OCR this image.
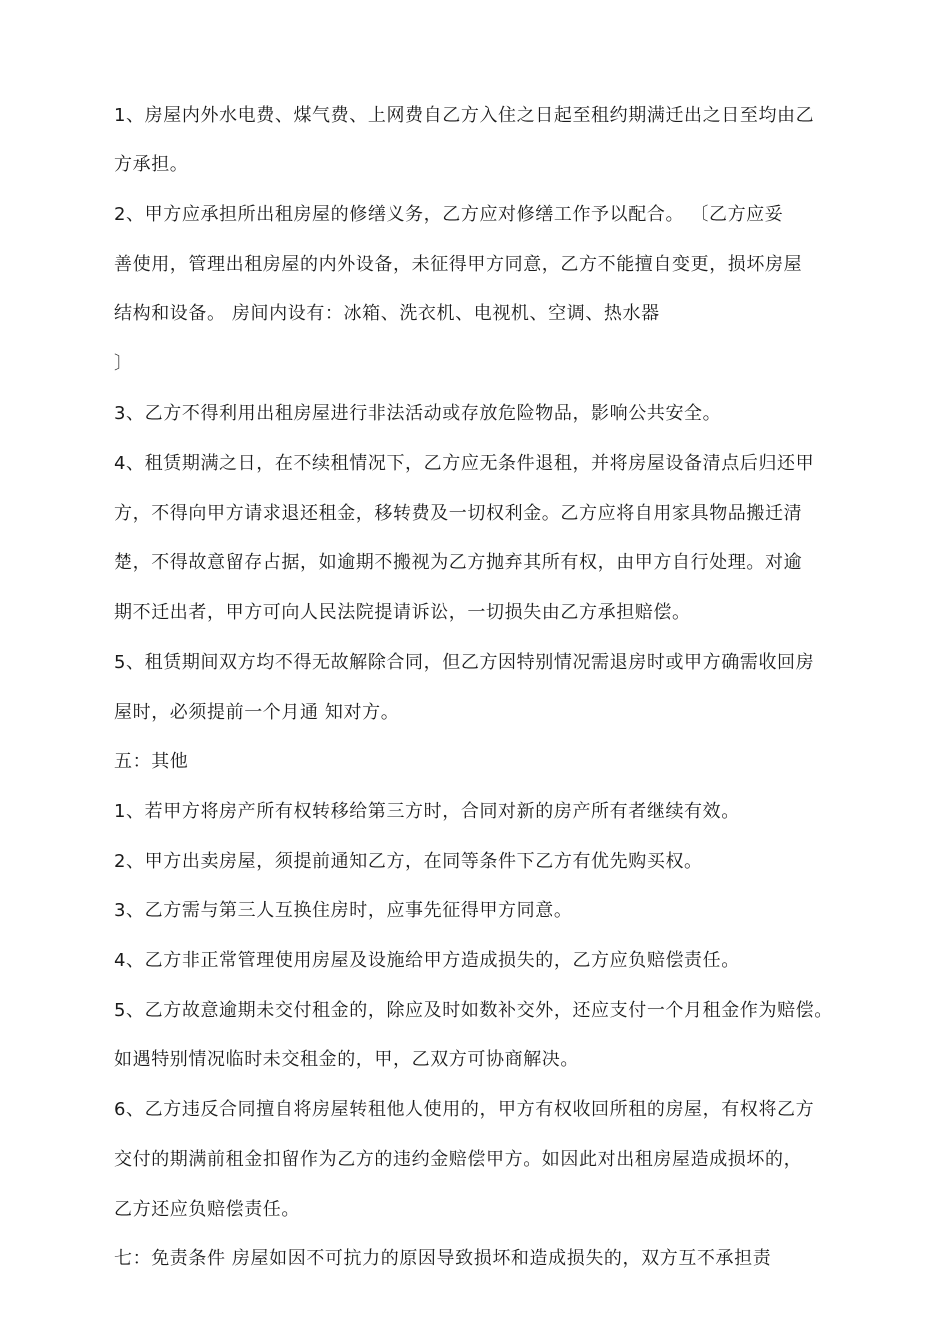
1、房屋内外水电费、煤气费、上网费自乙方入住之日起至租约期满迁出之日至均由乙
方承担。
2、甲方应承担所出租房屋的修缮义务，乙方应对修缮工作予以配合。 〔乙方应妥
善使用，管理出租房屋的内外设备，未征得甲方同意，乙方不能擅自变更，损坏房屋
结构和设备。 房间内设有：冰箱、洗衣机、电视机、空调、热水器
〕
3、乙方不得利用出租房屋进行非法活动或存放危险物品，影响公共安全。
4、租赁期满之日，在不续租情况下，乙方应无条件退租，并将房屋设备清点后归还甲
方，不得向甲方请求退还租金，移转费及一切权利金。乙方应将自用家具物品搬迁清
楚，不得故意留存占据，如逾期不搬视为乙方抛弃其所有权，由甲方自行处理。对逾
期不迁出者，甲方可向人民法院提请诉讼，一切损失由乙方承担赔偿。
5、租赁期间双方均不得无故解除合同，但乙方因特别情况需退房时或甲方确需收回房
屋时，必须提前一个月通 知对方。
五：其他
1、若甲方将房产所有权转移给第三方时，合同对新的房产所有者继续有效。
2、甲方出卖房屋，须提前通知乙方，在同等条件下乙方有优先购买权。
3、乙方需与第三人互换住房时，应事先征得甲方同意。
4、乙方非正常管理使用房屋及设施给甲方造成损失的，乙方应负赔偿责任。
5、乙方故意逾期未交付租金的，除应及时如数补交外，还应支付一个月租金作为赔偿。
如遇特别情况临时未交租金的，甲，乙双方可协商解决。
6、乙方违反合同擅自将房屋转租他人使用的，甲方有权收回所租的房屋，有权将乙方
交付的期满前租金扣留作为乙方的违约金赔偿甲方。如因此对出租房屋造成损坏的，
乙方还应负赔偿责任。
七：免责条件 房屋如因不可抗力的原因导致损坏和造成损失的，双方互不承担责
